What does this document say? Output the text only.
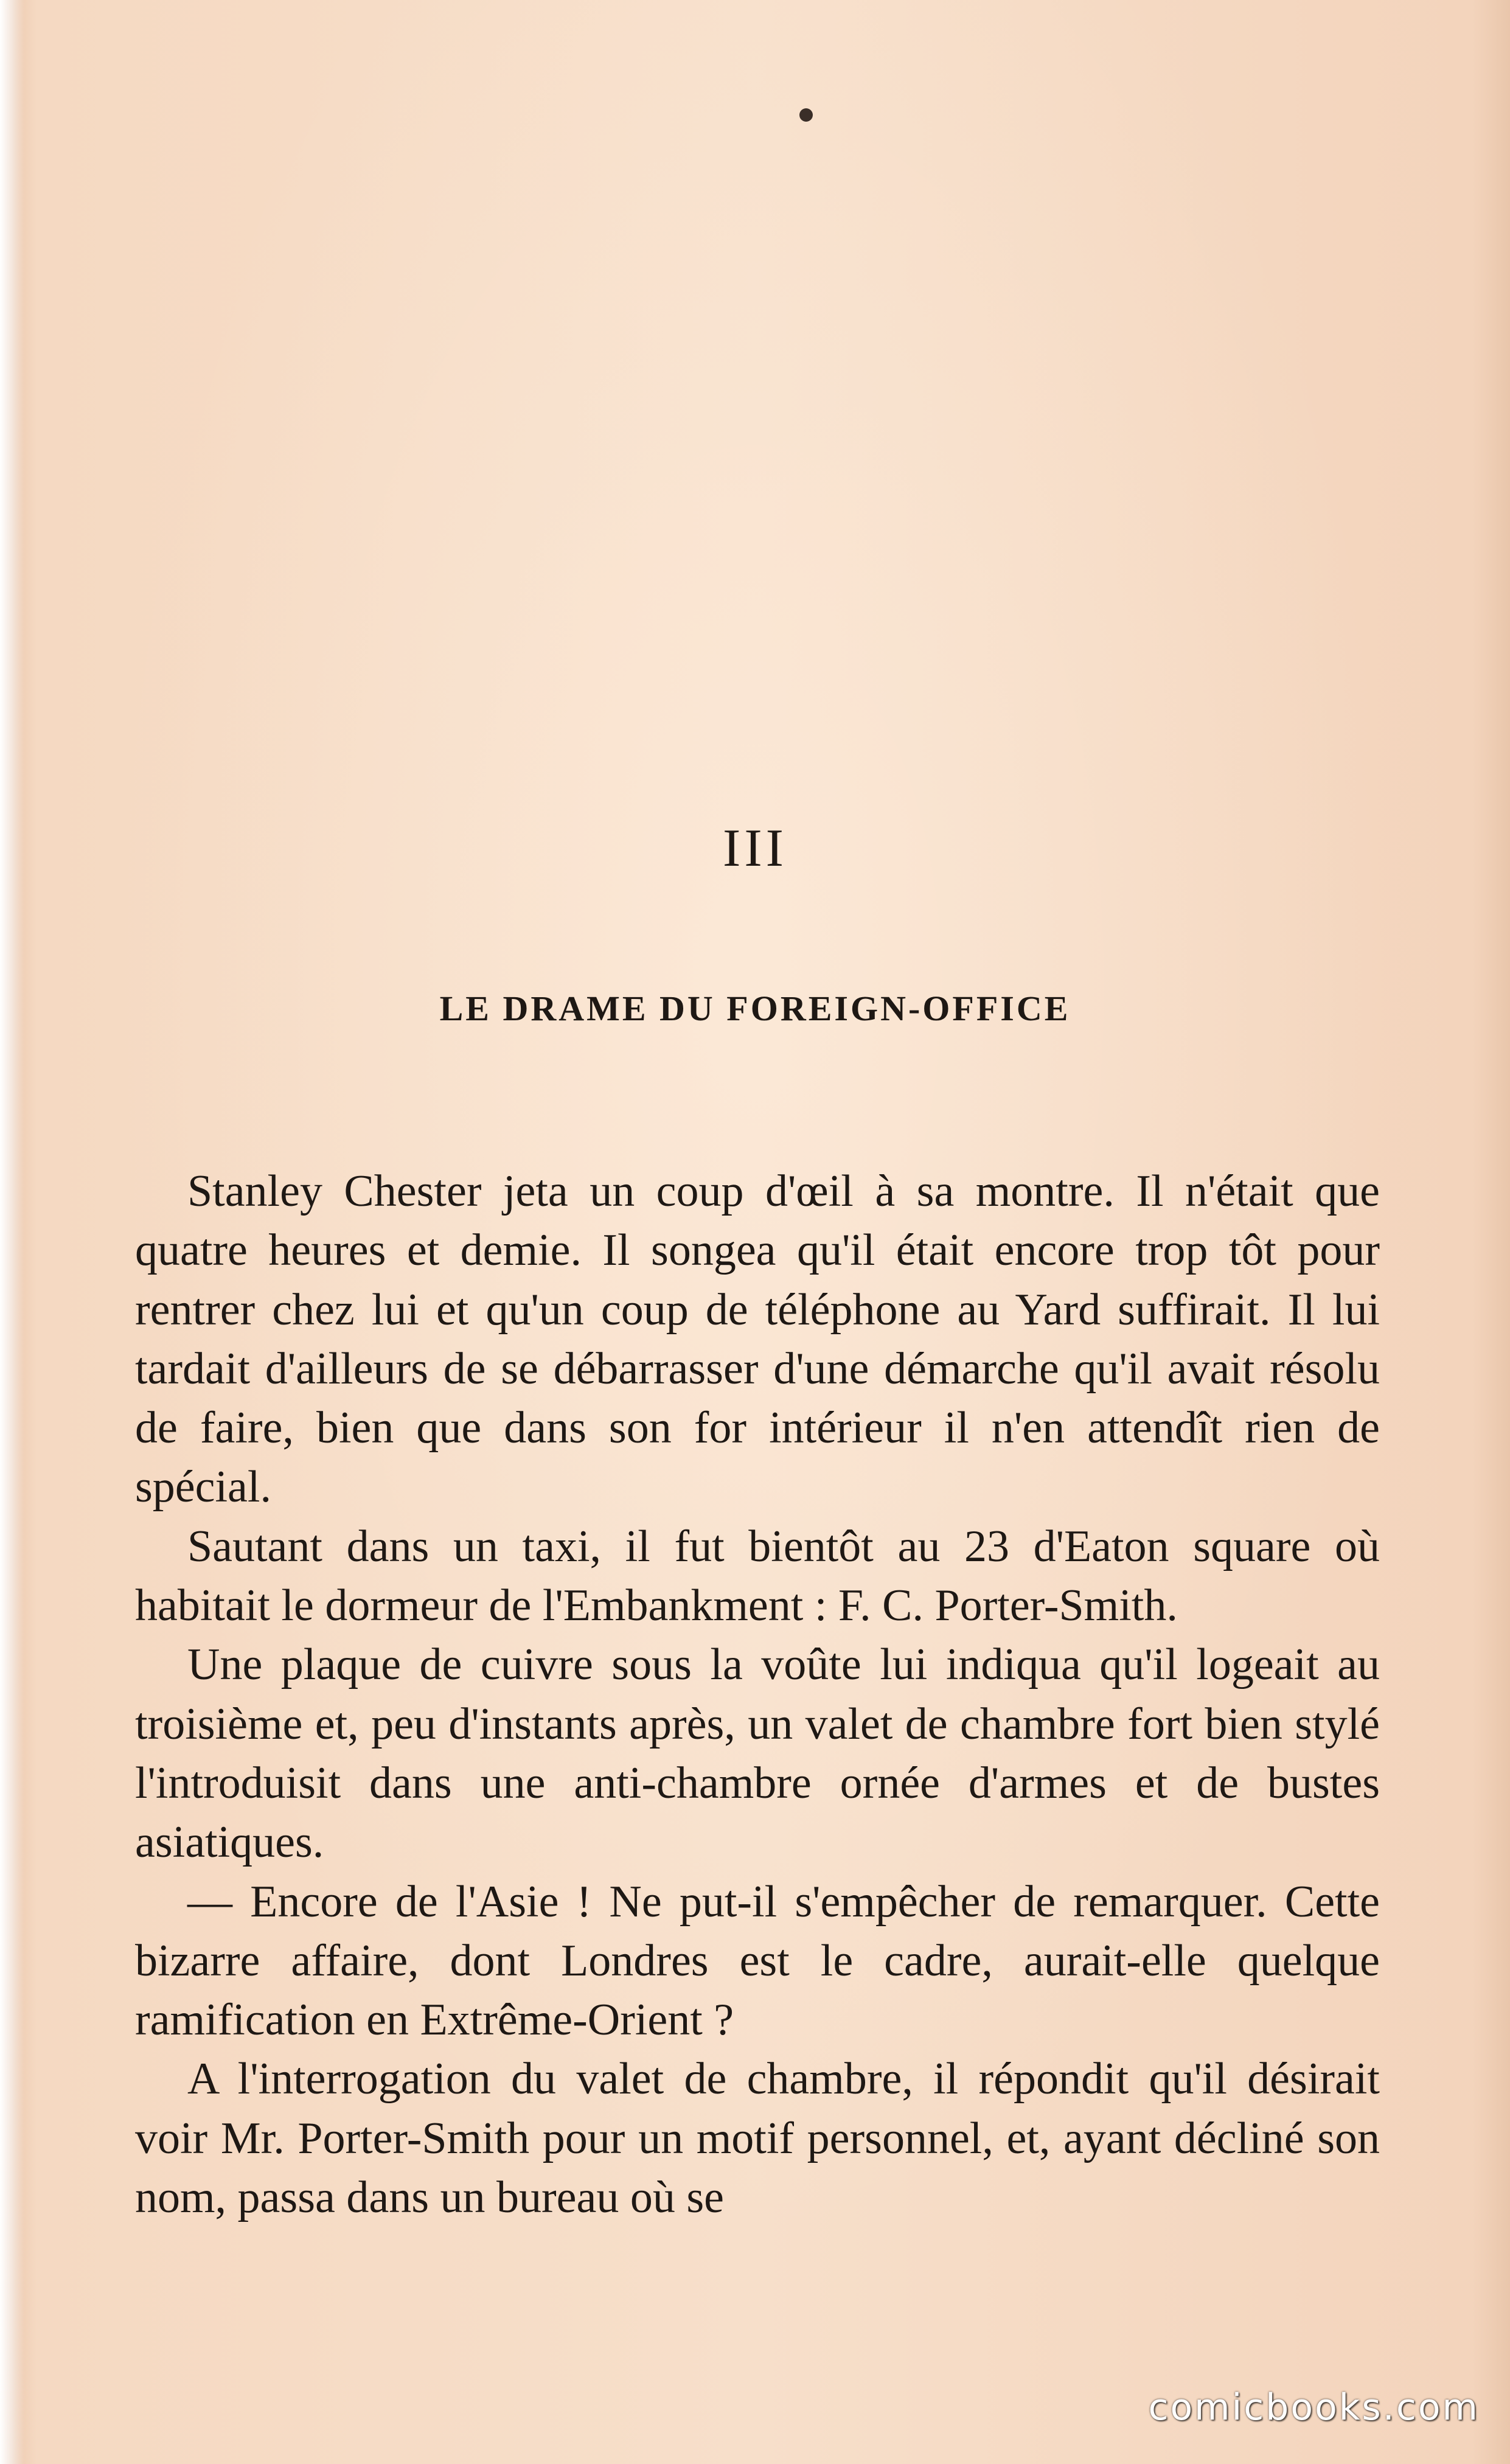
III
LE DRAME DU FOREIGN-OFFICE

Stanley Chester jeta un coup d'œil à sa montre. Il n'était que quatre heures et demie. Il songea qu'il était encore trop tôt pour rentrer chez lui et qu'un coup de téléphone au Yard suffirait. Il lui tardait d'ailleurs de se débarrasser d'une démarche qu'il avait résolu de faire, bien que dans son for intérieur il n'en attendît rien de spécial.

Sautant dans un taxi, il fut bientôt au 23 d'Eaton square où habitait le dormeur de l'Embankment : F. C. Porter-Smith.

Une plaque de cuivre sous la voûte lui indiqua qu'il logeait au troisième et, peu d'instants après, un valet de chambre fort bien stylé l'introduisit dans une anti-chambre ornée d'armes et de bustes asiatiques.

— Encore de l'Asie ! Ne put-il s'empêcher de remarquer. Cette bizarre affaire, dont Londres est le cadre, aurait-elle quelque ramification en Extrême-Orient ?

A l'interrogation du valet de chambre, il répondit qu'il désirait voir Mr. Porter-Smith pour un motif personnel, et, ayant décliné son nom, passa dans un bureau où se

comicbooks.com
